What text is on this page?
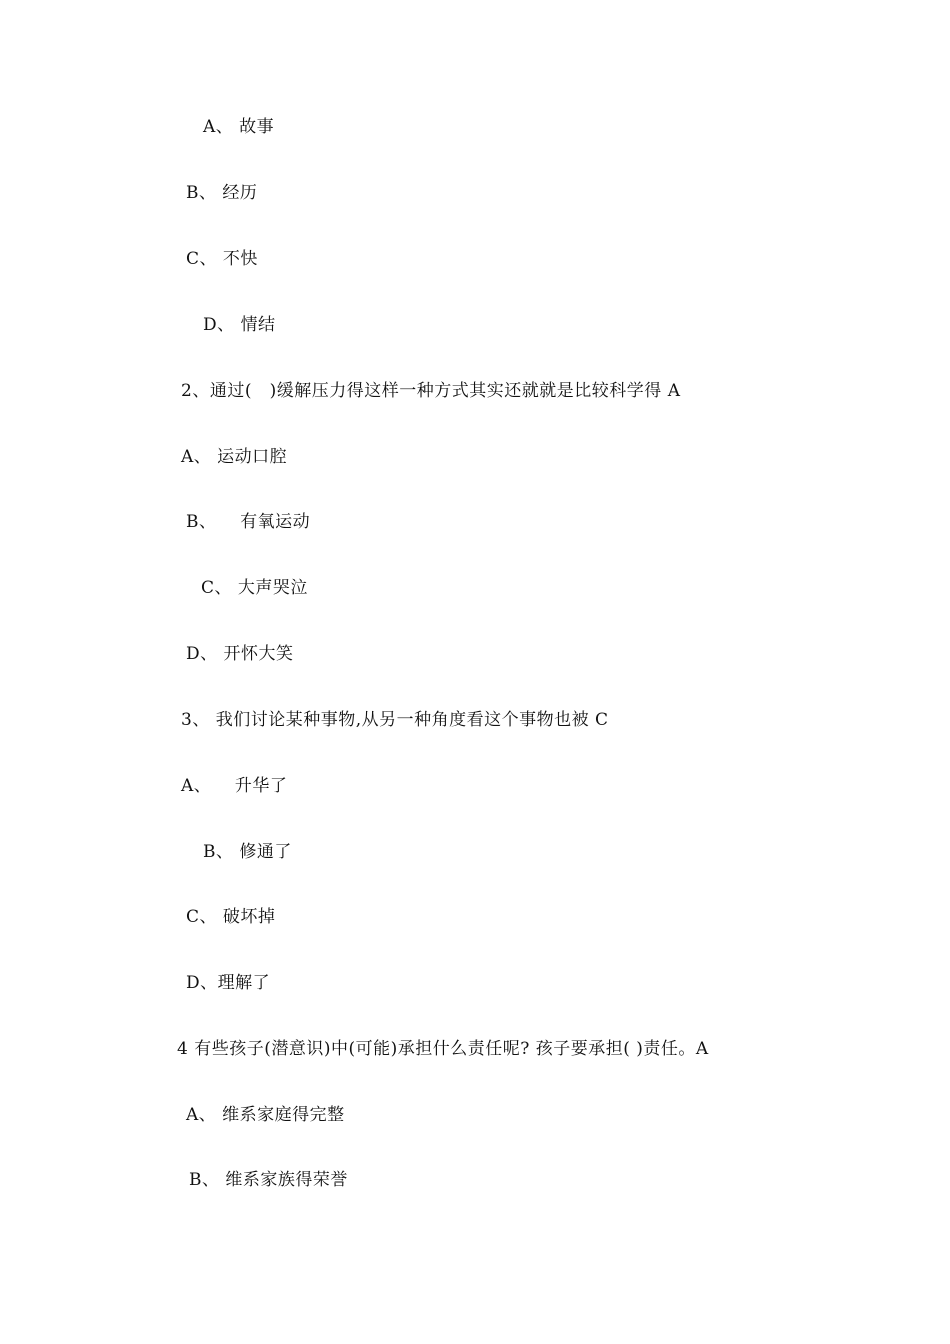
A、 故事
B、 经历
C、 不快
D、 情结
2、通过(   )缓解压力得这样一种方式其实还就就是比较科学得 A
A、 运动口腔
B、    有氧运动
C、 大声哭泣
D、 开怀大笑
3、 我们讨论某种事物,从另一种角度看这个事物也被 C
A、    升华了
B、 修通了
C、 破坏掉
D、理解了
4 有些孩子(潜意识)中(可能)承担什么责任呢? 孩子要承担( )责任。A
A、 维系家庭得完整
B、 维系家族得荣誉
